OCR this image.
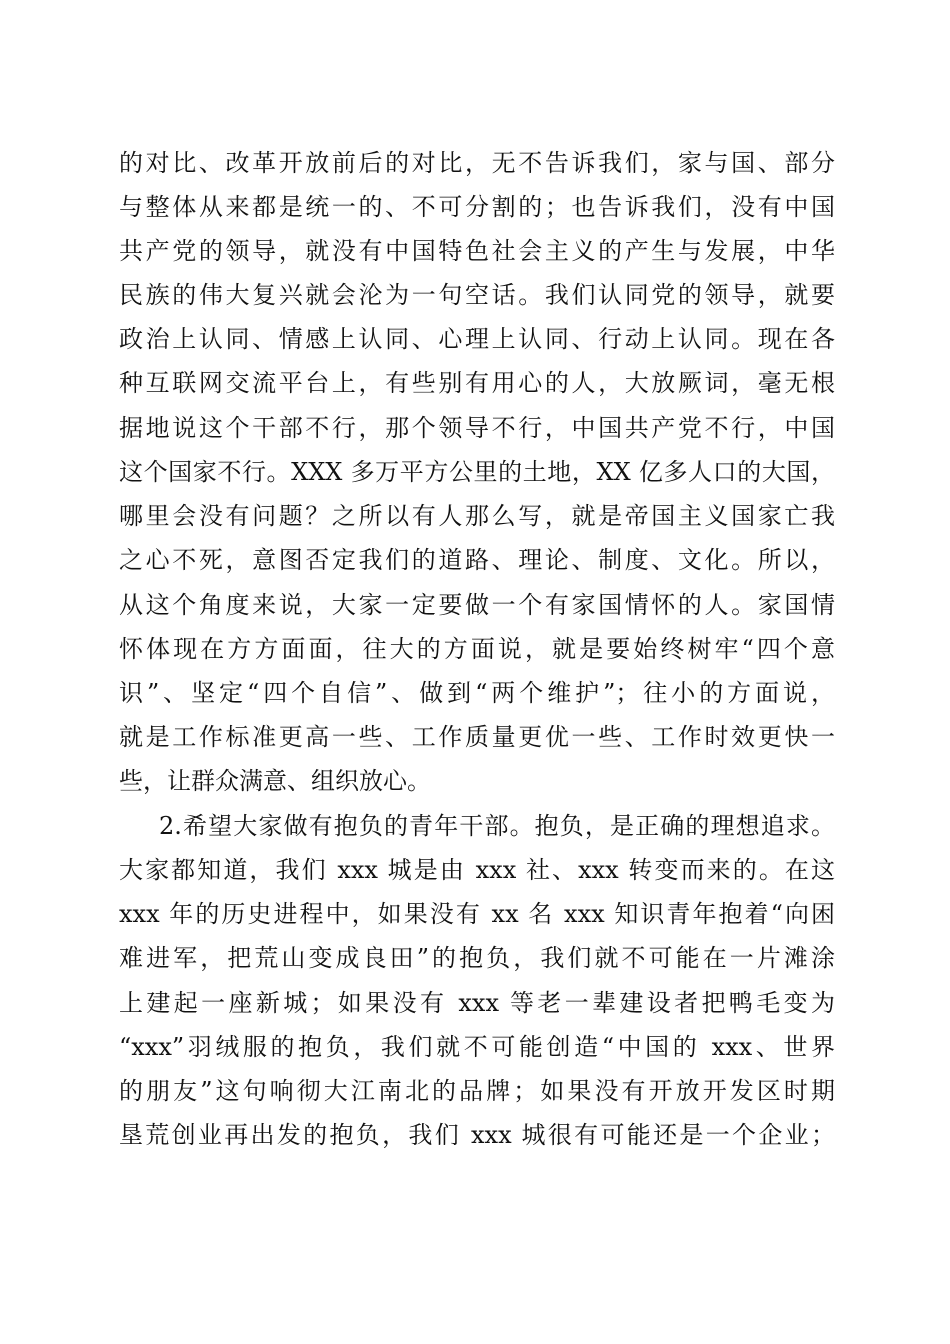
的对比、改革开放前后的对比，无不告诉我们，家与国、部分
与整体从来都是统一的、不可分割的；也告诉我们，没有中国
共产党的领导，就没有中国特色社会主义的产生与发展，中华
民族的伟大复兴就会沦为一句空话。我们认同党的领导，就要
政治上认同、情感上认同、心理上认同、行动上认同。现在各
种互联网交流平台上，有些别有用心的人，大放厥词，毫无根
据地说这个干部不行，那个领导不行，中国共产党不行，中国
这个国家不行。XXX 多万平方公里的土地，XX 亿多人口的大国，
哪里会没有问题？之所以有人那么写，就是帝国主义国家亡我
之心不死，意图否定我们的道路、理论、制度、文化。所以，
从这个角度来说，大家一定要做一个有家国情怀的人。家国情
怀体现在方方面面，往大的方面说，就是要始终树牢“四个意
识”、坚定“四个自信”、做到“两个维护”；往小的方面说，
就是工作标准更高一些、工作质量更优一些、工作时效更快一
些，让群众满意、组织放心。
2.希望大家做有抱负的青年干部。抱负，是正确的理想追求。
大家都知道，我们 xxx 城是由 xxx 社、xxx 转变而来的。在这
xxx 年的历史进程中，如果没有 xx 名 xxx 知识青年抱着“向困
难进军，把荒山变成良田”的抱负，我们就不可能在一片滩涂
上建起一座新城；如果没有 xxx 等老一辈建设者把鸭毛变为
“xxx”羽绒服的抱负，我们就不可能创造“中国的 xxx、世界
的朋友”这句响彻大江南北的品牌；如果没有开放开发区时期
垦荒创业再出发的抱负，我们 xxx 城很有可能还是一个企业；
